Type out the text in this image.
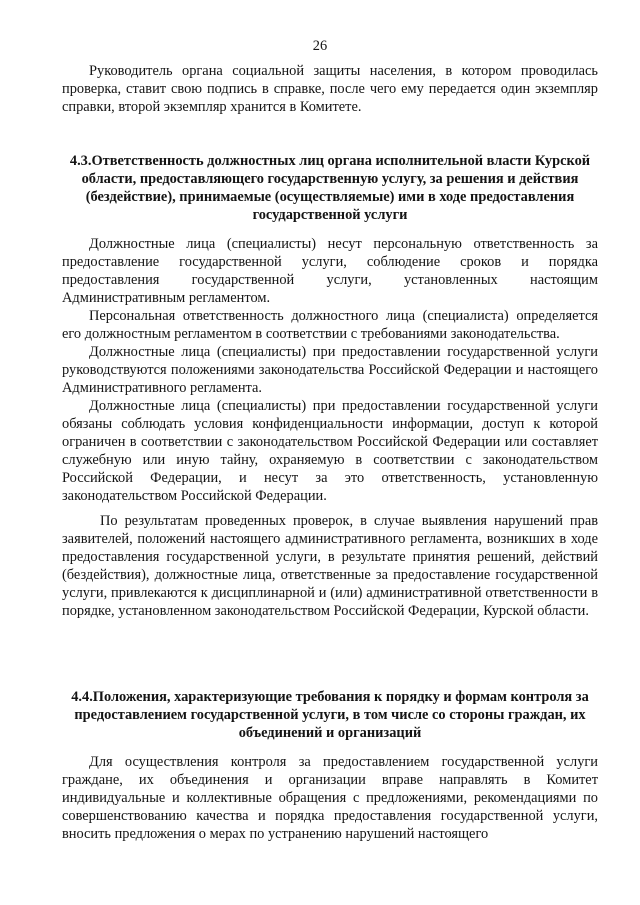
26

Руководитель органа социальной защиты населения, в котором проводилась проверка, ставит свою подпись в справке, после чего ему передается один экземпляр справки, второй экземпляр хранится в Комитете.

4.3.Ответственность должностных лиц органа исполнительной власти Курской области, предоставляющего государственную услугу, за решения и действия (бездействие), принимаемые (осуществляемые) ими в ходе предоставления государственной услуги

Должностные лица (специалисты) несут персональную ответственность за предоставление государственной услуги, соблюдение сроков и порядка предоставления государственной услуги, установленных настоящим Административным регламентом.

Персональная ответственность должностного лица (специалиста) определяется его должностным регламентом в соответствии с требованиями законодательства.

Должностные лица (специалисты) при предоставлении государственной услуги руководствуются положениями законодательства Российской Федерации и настоящего Административного регламента.

Должностные лица (специалисты) при предоставлении государственной услуги обязаны соблюдать условия конфиденциальности информации, доступ к которой ограничен в соответствии с законодательством Российской Федерации или составляет служебную или иную тайну, охраняемую в соответствии с законодательством Российской Федерации, и несут за это ответственность, установленную законодательством Российской Федерации.

По результатам проведенных проверок, в случае выявления нарушений прав заявителей, положений настоящего административного регламента, возникших в ходе предоставления государственной услуги, в результате принятия решений, действий (бездействия), должностные лица, ответственные за предоставление государственной услуги, привлекаются к дисциплинарной и (или) административной ответственности в порядке, установленном законодательством Российской Федерации, Курской области.

4.4.Положения, характеризующие требования к порядку и формам контроля за предоставлением государственной услуги, в том числе со стороны граждан, их объединений и организаций

Для осуществления контроля за предоставлением государственной услуги граждане, их объединения и организации вправе направлять в Комитет индивидуальные и коллективные обращения с предложениями, рекомендациями по совершенствованию качества и порядка предоставления государственной услуги, вносить предложения о мерах по устранению нарушений настоящего
